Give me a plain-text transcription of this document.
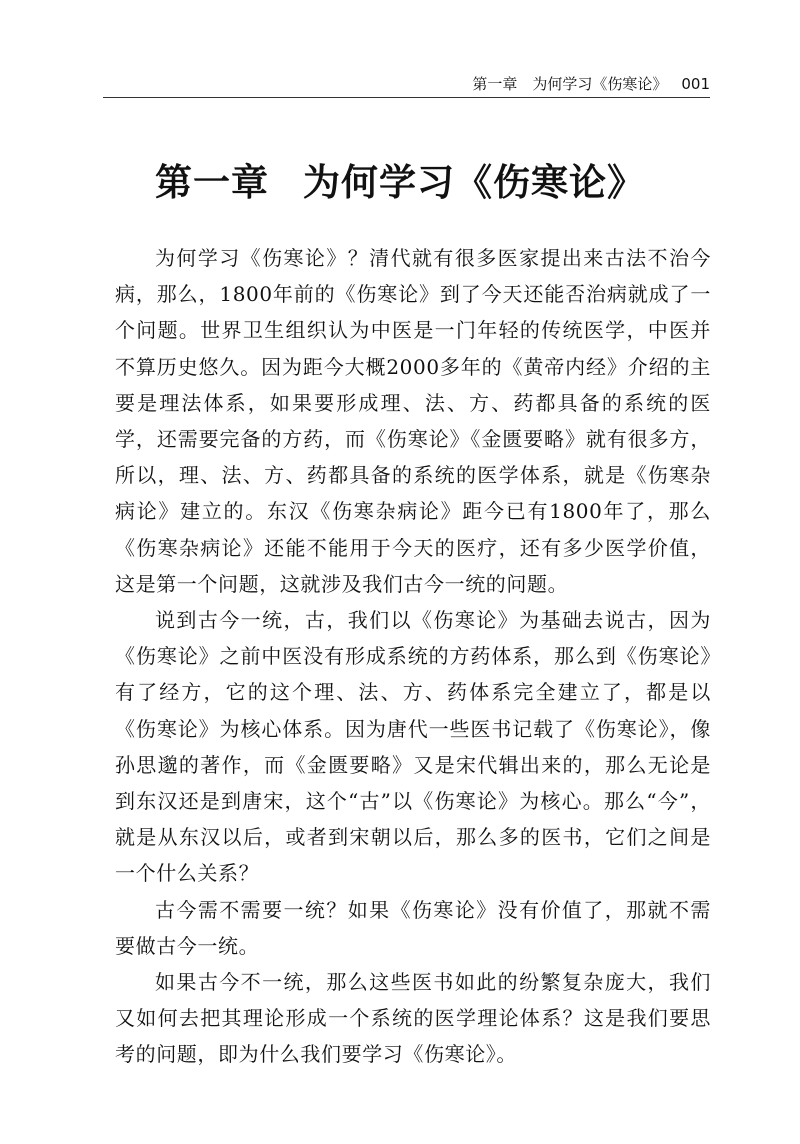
第一章　为何学习《伤寒论》 001
第一章 为何学习《伤寒论》

为何学习《伤寒论》？清代就有很多医家提出来古法不治今病，那么，1800年前的《伤寒论》到了今天还能否治病就成了一个问题。世界卫生组织认为中医是一门年轻的传统医学，中医并不算历史悠久。因为距今大概2000多年的《黄帝内经》介绍的主要是理法体系，如果要形成理、法、方、药都具备的系统的医学，还需要完备的方药，而《伤寒论》《金匮要略》就有很多方，所以，理、法、方、药都具备的系统的医学体系，就是《伤寒杂病论》建立的。东汉《伤寒杂病论》距今已有1800年了，那么《伤寒杂病论》还能不能用于今天的医疗，还有多少医学价值，这是第一个问题，这就涉及我们古今一统的问题。

说到古今一统，古，我们以《伤寒论》为基础去说古，因为《伤寒论》之前中医没有形成系统的方药体系，那么到《伤寒论》有了经方，它的这个理、法、方、药体系完全建立了，都是以《伤寒论》为核心体系。因为唐代一些医书记载了《伤寒论》，像孙思邈的著作，而《金匮要略》又是宋代辑出来的，那么无论是到东汉还是到唐宋，这个“古”以《伤寒论》为核心。那么“今”，就是从东汉以后，或者到宋朝以后，那么多的医书，它们之间是一个什么关系？

古今需不需要一统？如果《伤寒论》没有价值了，那就不需要做古今一统。

如果古今不一统，那么这些医书如此的纷繁复杂庞大，我们又如何去把其理论形成一个系统的医学理论体系？这是我们要思考的问题，即为什么我们要学习《伤寒论》。
